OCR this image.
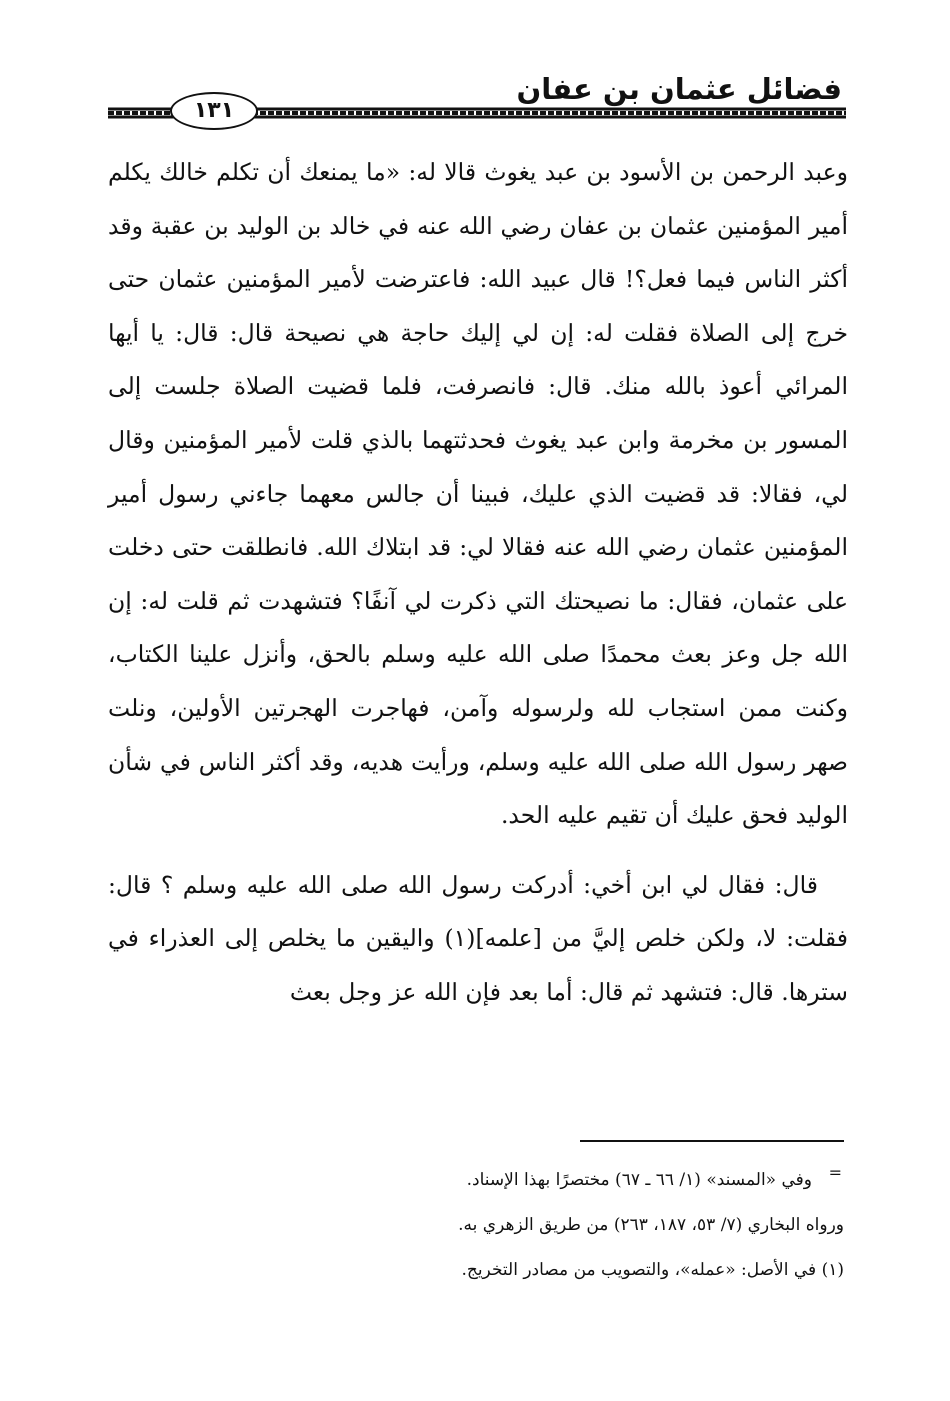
فضائل عثمان بن عفان
١٣١

وعبد الرحمن بن الأسود بن عبد يغوث قالا له: «ما يمنعك أن تكلم خالك يكلم أمير المؤمنين عثمان بن عفان رضي الله عنه في خالد بن الوليد بن عقبة وقد أكثر الناس فيما فعل؟! قال عبيد الله: فاعترضت لأمير المؤمنين عثمان حتى خرج إلى الصلاة فقلت له: إن لي إليك حاجة هي نصيحة قال: قال: يا أيها المرائي أعوذ بالله منك. قال: فانصرفت، فلما قضيت الصلاة جلست إلى المسور بن مخرمة وابن عبد يغوث فحدثتهما بالذي قلت لأمير المؤمنين وقال لي، فقالا: قد قضيت الذي عليك، فبينا أن جالس معهما جاءني رسول أمير المؤمنين عثمان رضي الله عنه فقالا لي: قد ابتلاك الله. فانطلقت حتى دخلت على عثمان، فقال: ما نصيحتك التي ذكرت لي آنفًا؟ فتشهدت ثم قلت له: إن الله جل وعز بعث محمدًا صلى الله عليه وسلم بالحق، وأنزل علينا الكتاب، وكنت ممن استجاب لله ولرسوله وآمن، فهاجرت الهجرتين الأولين، ونلت صهر رسول الله صلى الله عليه وسلم، ورأيت هديه، وقد أكثر الناس في شأن الوليد فحق عليك أن تقيم عليه الحد.

قال: فقال لي ابن أخي: أدركت رسول الله صلى الله عليه وسلم ؟ قال: فقلت: لا، ولكن خلص إليَّ من [علمه](١) واليقين ما يخلص إلى العذراء في سترها. قال: فتشهد ثم قال: أما بعد فإن الله عز وجل بعث

=
وفي «المسند» (١/ ٦٦ ـ ٦٧) مختصرًا بهذا الإسناد.
ورواه البخاري (٧/ ٥٣، ١٨٧، ٢٦٣) من طريق الزهري به.
(١) في الأصل: «عمله»، والتصويب من مصادر التخريج.
